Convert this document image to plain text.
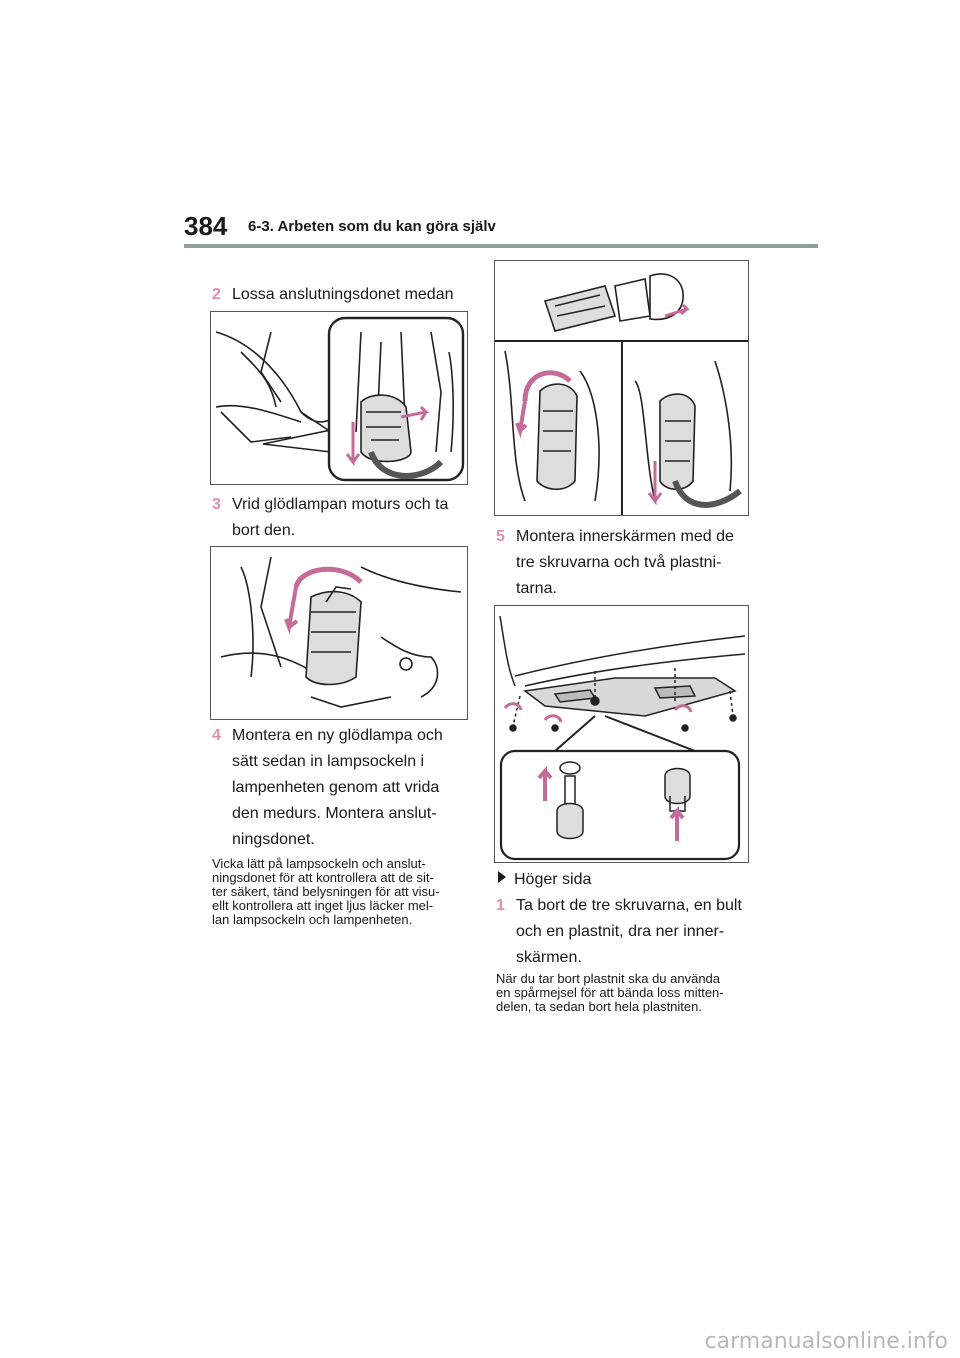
384 6-3. Arbeten som du kan göra själv
2 Lossa anslutningsdonet medan
3 Vrid glödlampan moturs och ta
bort den.
4 Montera en ny glödlampa och
sätt sedan in lampsockeln i
lampenheten genom att vrida
den medurs. Montera anslut-
ningsdonet.
Vicka lätt på lampsockeln och anslut-
ningsdonet för att kontrollera att de sit-
ter säkert, tänd belysningen för att visu-
ellt kontrollera att inget ljus läcker mel-
lan lampsockeln och lampenheten.
5 Montera innerskärmen med de
tre skruvarna och två plastni-
tarna.
Höger sida
1 Ta bort de tre skruvarna, en bult
och en plastnit, dra ner inner-
skärmen.
När du tar bort plastnit ska du använda
en spårmejsel för att bända loss mitten-
delen, ta sedan bort hela plastniten.
carmanualsonline.info
